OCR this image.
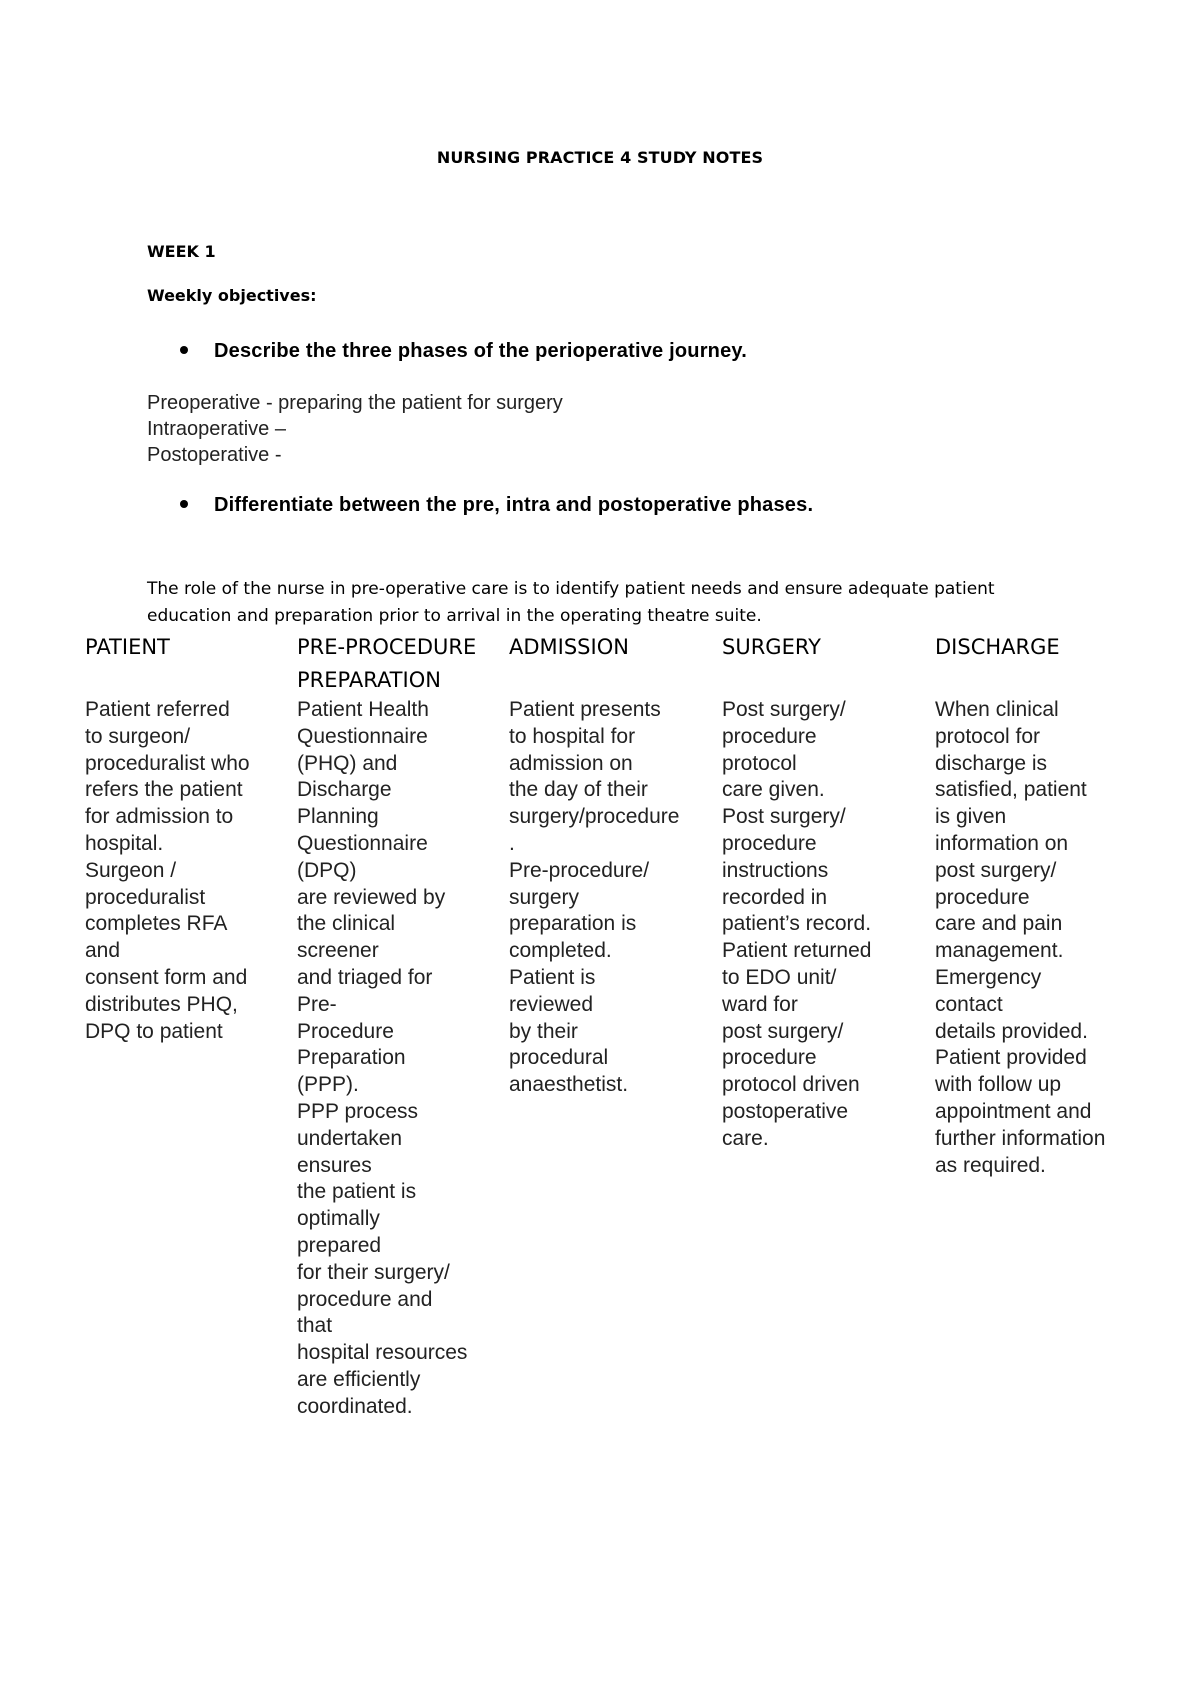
NURSING PRACTICE 4 STUDY NOTES
WEEK 1
Weekly objectives:
Describe the three phases of the perioperative journey.
Preoperative - preparing the patient for surgery
Intraoperative –
Postoperative -
Differentiate between the pre, intra and postoperative phases.
The role of the nurse in pre-operative care is to identify patient needs and ensure adequate patient education and preparation prior to arrival in the operating theatre suite.
PATIENT
Patient referred
to surgeon/
proceduralist who
refers the patient
for admission to
hospital.
Surgeon /
proceduralist
completes RFA
and
consent form and
distributes PHQ,
DPQ to patient
PRE-PROCEDURE
PREPARATION
Patient Health
Questionnaire
(PHQ) and
Discharge
Planning
Questionnaire
(DPQ)
are reviewed by
the clinical
screener
and triaged for
Pre-
Procedure
Preparation
(PPP).
PPP process
undertaken
ensures
the patient is
optimally
prepared
for their surgery/
procedure and
that
hospital resources
are efficiently
coordinated.
ADMISSION
Patient presents
to hospital for
admission on
the day of their
surgery/procedure
.
Pre-procedure/
surgery
preparation is
completed.
Patient is
reviewed
by their
procedural
anaesthetist.
SURGERY
Post surgery/
procedure
protocol
care given.
Post surgery/
procedure
instructions
recorded in
patient’s record.
Patient returned
to EDO unit/
ward for
post surgery/
procedure
protocol driven
postoperative
care.
DISCHARGE
When clinical
protocol for
discharge is
satisfied, patient
is given
information on
post surgery/
procedure
care and pain
management.
Emergency
contact
details provided.
Patient provided
with follow up
appointment and
further information
as required.
